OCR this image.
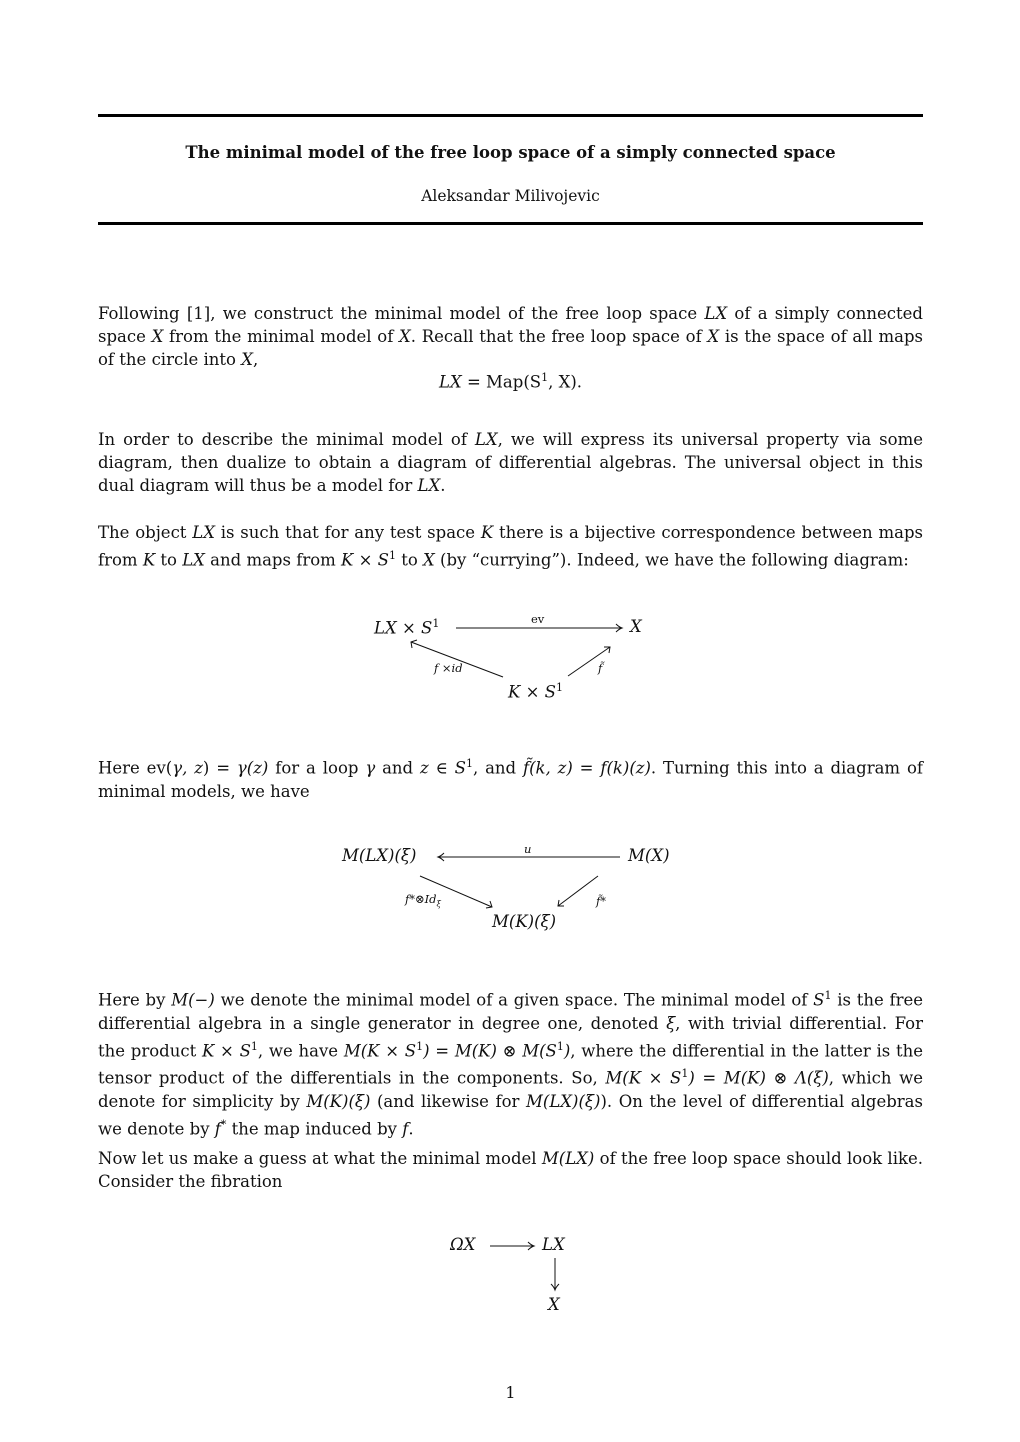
The minimal model of the free loop space of a simply connected space
Aleksandar Milivojevic
Following [1], we construct the minimal model of the free loop space LX of a simply connected space X from the minimal model of X. Recall that the free loop space of X is the space of all maps of the circle into X,
LX = $Map(S^1$, X).
In order to describe the minimal model of LX, we will express its universal property via some diagram, then dualize to obtain a diagram of differential algebras. The universal object in this dual diagram will thus be a model for LX.
The object LX is such that for any test space K there is a bijective correspondence between maps from K to LX and maps from $K \times S^1$ to X (by “currying”). Indeed, we have the following diagram:
LX × $S^1$	X
$K \times S^1$
ev
f ×id	f̃
Here ev(γ, z) = γ(z) for a loop γ and z ∈ $S^1$, and f̃(k, z) = f(k)(z). Turning this into a diagram of minimal models, we have
M(LX)(ξ)	M(X)
M(K)(ξ)
u
$f*\otimes Id_\xi$	f̃*
Here by M(−) we denote the minimal model of a given space. The minimal model of $S^1$ is the free differential algebra in a single generator in degree one, denoted ξ, with trivial differential. For the product $K \times S^1$, we have $M(K \times S^1) = M(K)$ ⊗ $M(S^1)$, where the differential in the latter is the tensor product of the differentials in the components. So, $M(K \times S^1) = M(K)$ ⊗ Λ(ξ), which we denote for simplicity by M(K)(ξ) (and likewise for M(LX)(ξ)). On the level of differential algebras we denote by f* the map induced by f.
Now let us make a guess at what the minimal model M(LX) of the free loop space should look like. Consider the fibration
ΩX	LX
X
1
